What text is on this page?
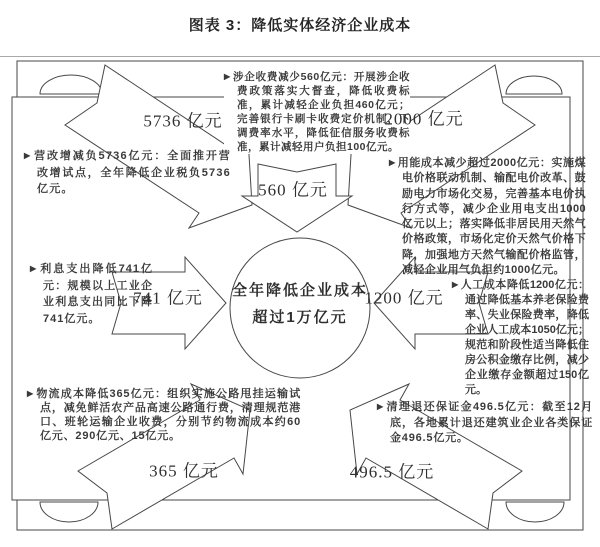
图表 3：降低实体经济企业成本
全年降低企业成本
超过1万亿元
▶ 涉企收费减少560亿元：开展涉企收费政策落实大督查，降低收费标准，累计减轻企业负担460亿元；完善银行卡刷卡收费定价机制，下调费率水平，降低征信服务收费标准，累计减轻用户负担100亿元。
▶ 营改增减负5736亿元：全面推开营改增试点，全年降低企业税负5736亿元。
▶ 用能成本减少超过2000亿元：实施煤电价格联动机制、输配电价改革、鼓励电力市场化交易，完善基本电价执行方式等，减少企业用电支出1000亿元以上；落实降低非居民用天然气价格政策，市场化定价天然气价格下降，加强地方天然气输配价格监管，减轻企业用气负担约1000亿元。
▶ 利息支出降低741亿元：规模以上工业企业利息支出同比下降741亿元。
▶ 人工成本降低1200亿元：通过降低基本养老保险费率、失业保险费率，降低企业人工成本1050亿元；规范和阶段性适当降低住房公积金缴存比例，减少企业缴存金额超过150亿元。
▶ 物流成本降低365亿元：组织实施公路甩挂运输试点，减免鲜活农产品高速公路通行费，清理规范港口、班轮运输企业收费，分别节约物流成本约60亿元、290亿元、15亿元。
▶ 清理退还保证金496.5亿元：截至12月底，各地累计退还建筑业企业各类保证金496.5亿元。
5736 亿元
560 亿元
2000 亿元
741 亿元	1200 亿元
365 亿元	496.5 亿元
